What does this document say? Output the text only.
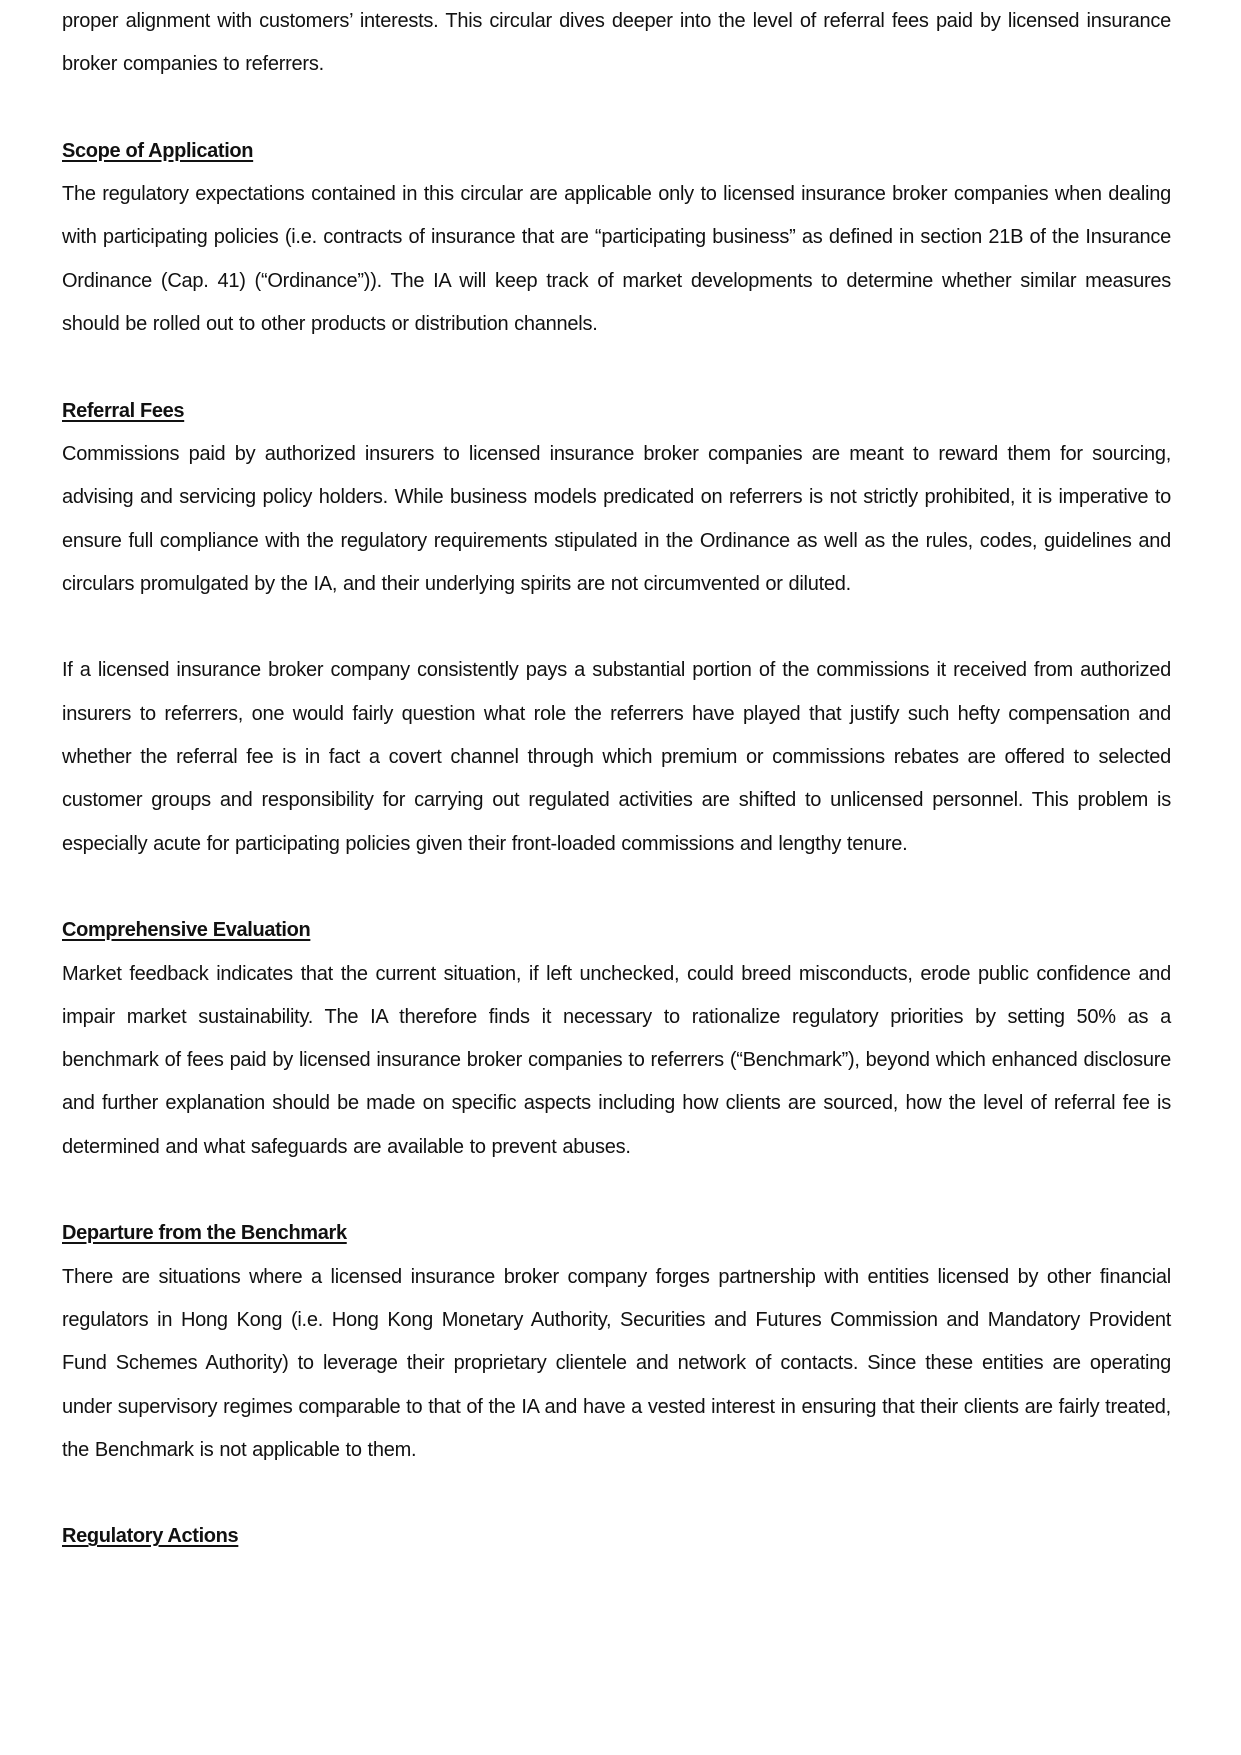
proper alignment with customers’ interests. This circular dives deeper into the level of referral fees paid by licensed insurance broker companies to referrers.

Scope of Application

The regulatory expectations contained in this circular are applicable only to licensed insurance broker companies when dealing with participating policies (i.e. contracts of insurance that are “participating business” as defined in section 21B of the Insurance Ordinance (Cap. 41) (“Ordinance”)). The IA will keep track of market developments to determine whether similar measures should be rolled out to other products or distribution channels.

Referral Fees

Commissions paid by authorized insurers to licensed insurance broker companies are meant to reward them for sourcing, advising and servicing policy holders. While business models predicated on referrers is not strictly prohibited, it is imperative to ensure full compliance with the regulatory requirements stipulated in the Ordinance as well as the rules, codes, guidelines and circulars promulgated by the IA, and their underlying spirits are not circumvented or diluted.

If a licensed insurance broker company consistently pays a substantial portion of the commissions it received from authorized insurers to referrers, one would fairly question what role the referrers have played that justify such hefty compensation and whether the referral fee is in fact a covert channel through which premium or commissions rebates are offered to selected customer groups and responsibility for carrying out regulated activities are shifted to unlicensed personnel. This problem is especially acute for participating policies given their front-loaded commissions and lengthy tenure.

Comprehensive Evaluation

Market feedback indicates that the current situation, if left unchecked, could breed misconducts, erode public confidence and impair market sustainability. The IA therefore finds it necessary to rationalize regulatory priorities by setting 50% as a benchmark of fees paid by licensed insurance broker companies to referrers (“Benchmark”), beyond which enhanced disclosure and further explanation should be made on specific aspects including how clients are sourced, how the level of referral fee is determined and what safeguards are available to prevent abuses.

Departure from the Benchmark

There are situations where a licensed insurance broker company forges partnership with entities licensed by other financial regulators in Hong Kong (i.e. Hong Kong Monetary Authority, Securities and Futures Commission and Mandatory Provident Fund Schemes Authority) to leverage their proprietary clientele and network of contacts. Since these entities are operating under supervisory regimes comparable to that of the IA and have a vested interest in ensuring that their clients are fairly treated, the Benchmark is not applicable to them.

Regulatory Actions
